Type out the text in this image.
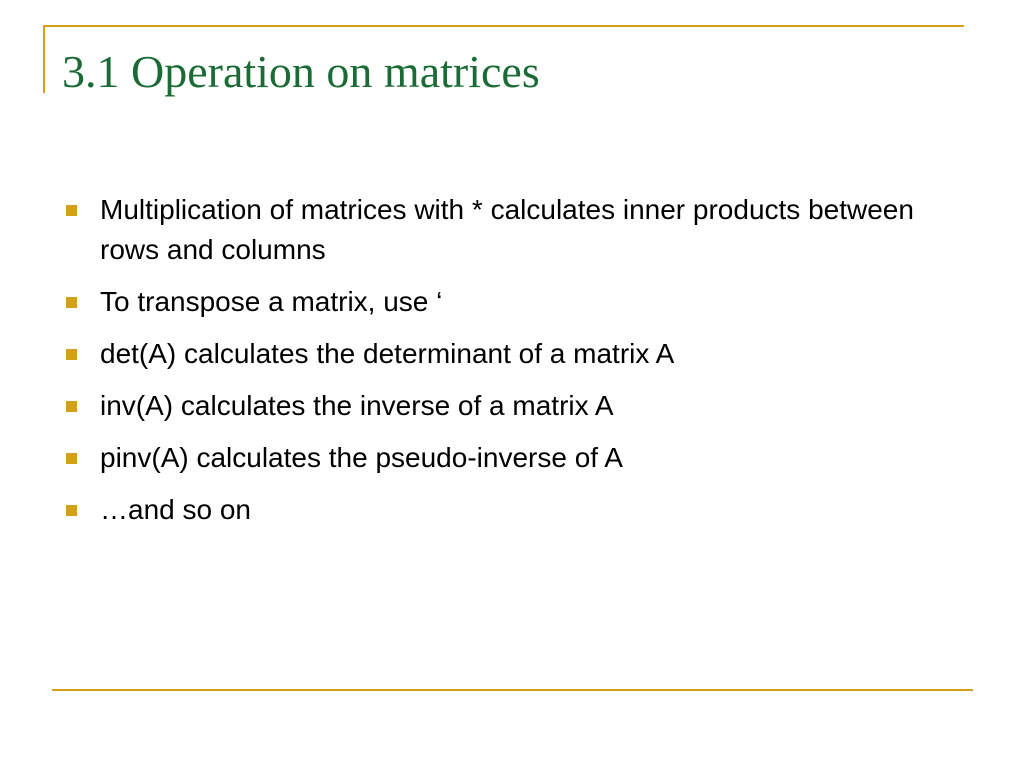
3.1 Operation on matrices
Multiplication of matrices with * calculates inner products between rows and columns
To transpose a matrix, use ‘
det(A) calculates the determinant of a matrix A
inv(A) calculates the inverse of a matrix A
pinv(A) calculates the pseudo-inverse of A
…and so on
